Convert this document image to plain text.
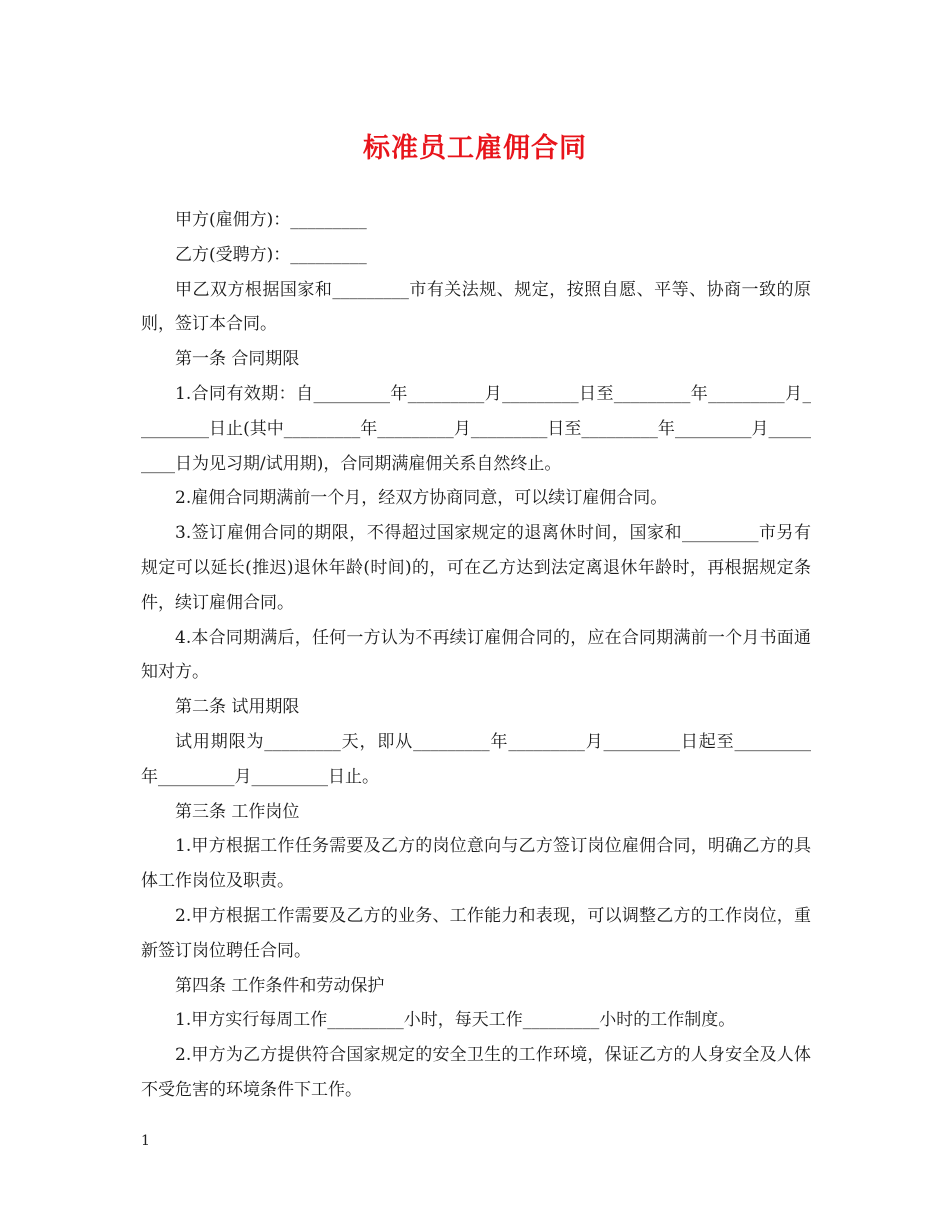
标准员工雇佣合同

甲方(雇佣方)：_________

乙方(受聘方)：_________

甲乙双方根据国家和_________市有关法规、规定，按照自愿、平等、协商一致的原则，签订本合同。

第一条 合同期限

1.合同有效期：自_________年_________月_________日至_________年_________月_________日止(其中_________年_________月_________日至_________年_________月_________日为见习期/试用期)，合同期满雇佣关系自然终止。

2.雇佣合同期满前一个月，经双方协商同意，可以续订雇佣合同。

3.签订雇佣合同的期限，不得超过国家规定的退离休时间，国家和_________市另有规定可以延长(推迟)退休年龄(时间)的，可在乙方达到法定离退休年龄时，再根据规定条件，续订雇佣合同。

4.本合同期满后，任何一方认为不再续订雇佣合同的，应在合同期满前一个月书面通知对方。

第二条 试用期限

试用期限为_________天，即从_________年_________月_________日起至_________年_________月_________日止。

第三条 工作岗位

1.甲方根据工作任务需要及乙方的岗位意向与乙方签订岗位雇佣合同，明确乙方的具体工作岗位及职责。

2.甲方根据工作需要及乙方的业务、工作能力和表现，可以调整乙方的工作岗位，重新签订岗位聘任合同。

第四条 工作条件和劳动保护

1.甲方实行每周工作_________小时，每天工作_________小时的工作制度。

2.甲方为乙方提供符合国家规定的安全卫生的工作环境，保证乙方的人身安全及人体不受危害的环境条件下工作。

1
